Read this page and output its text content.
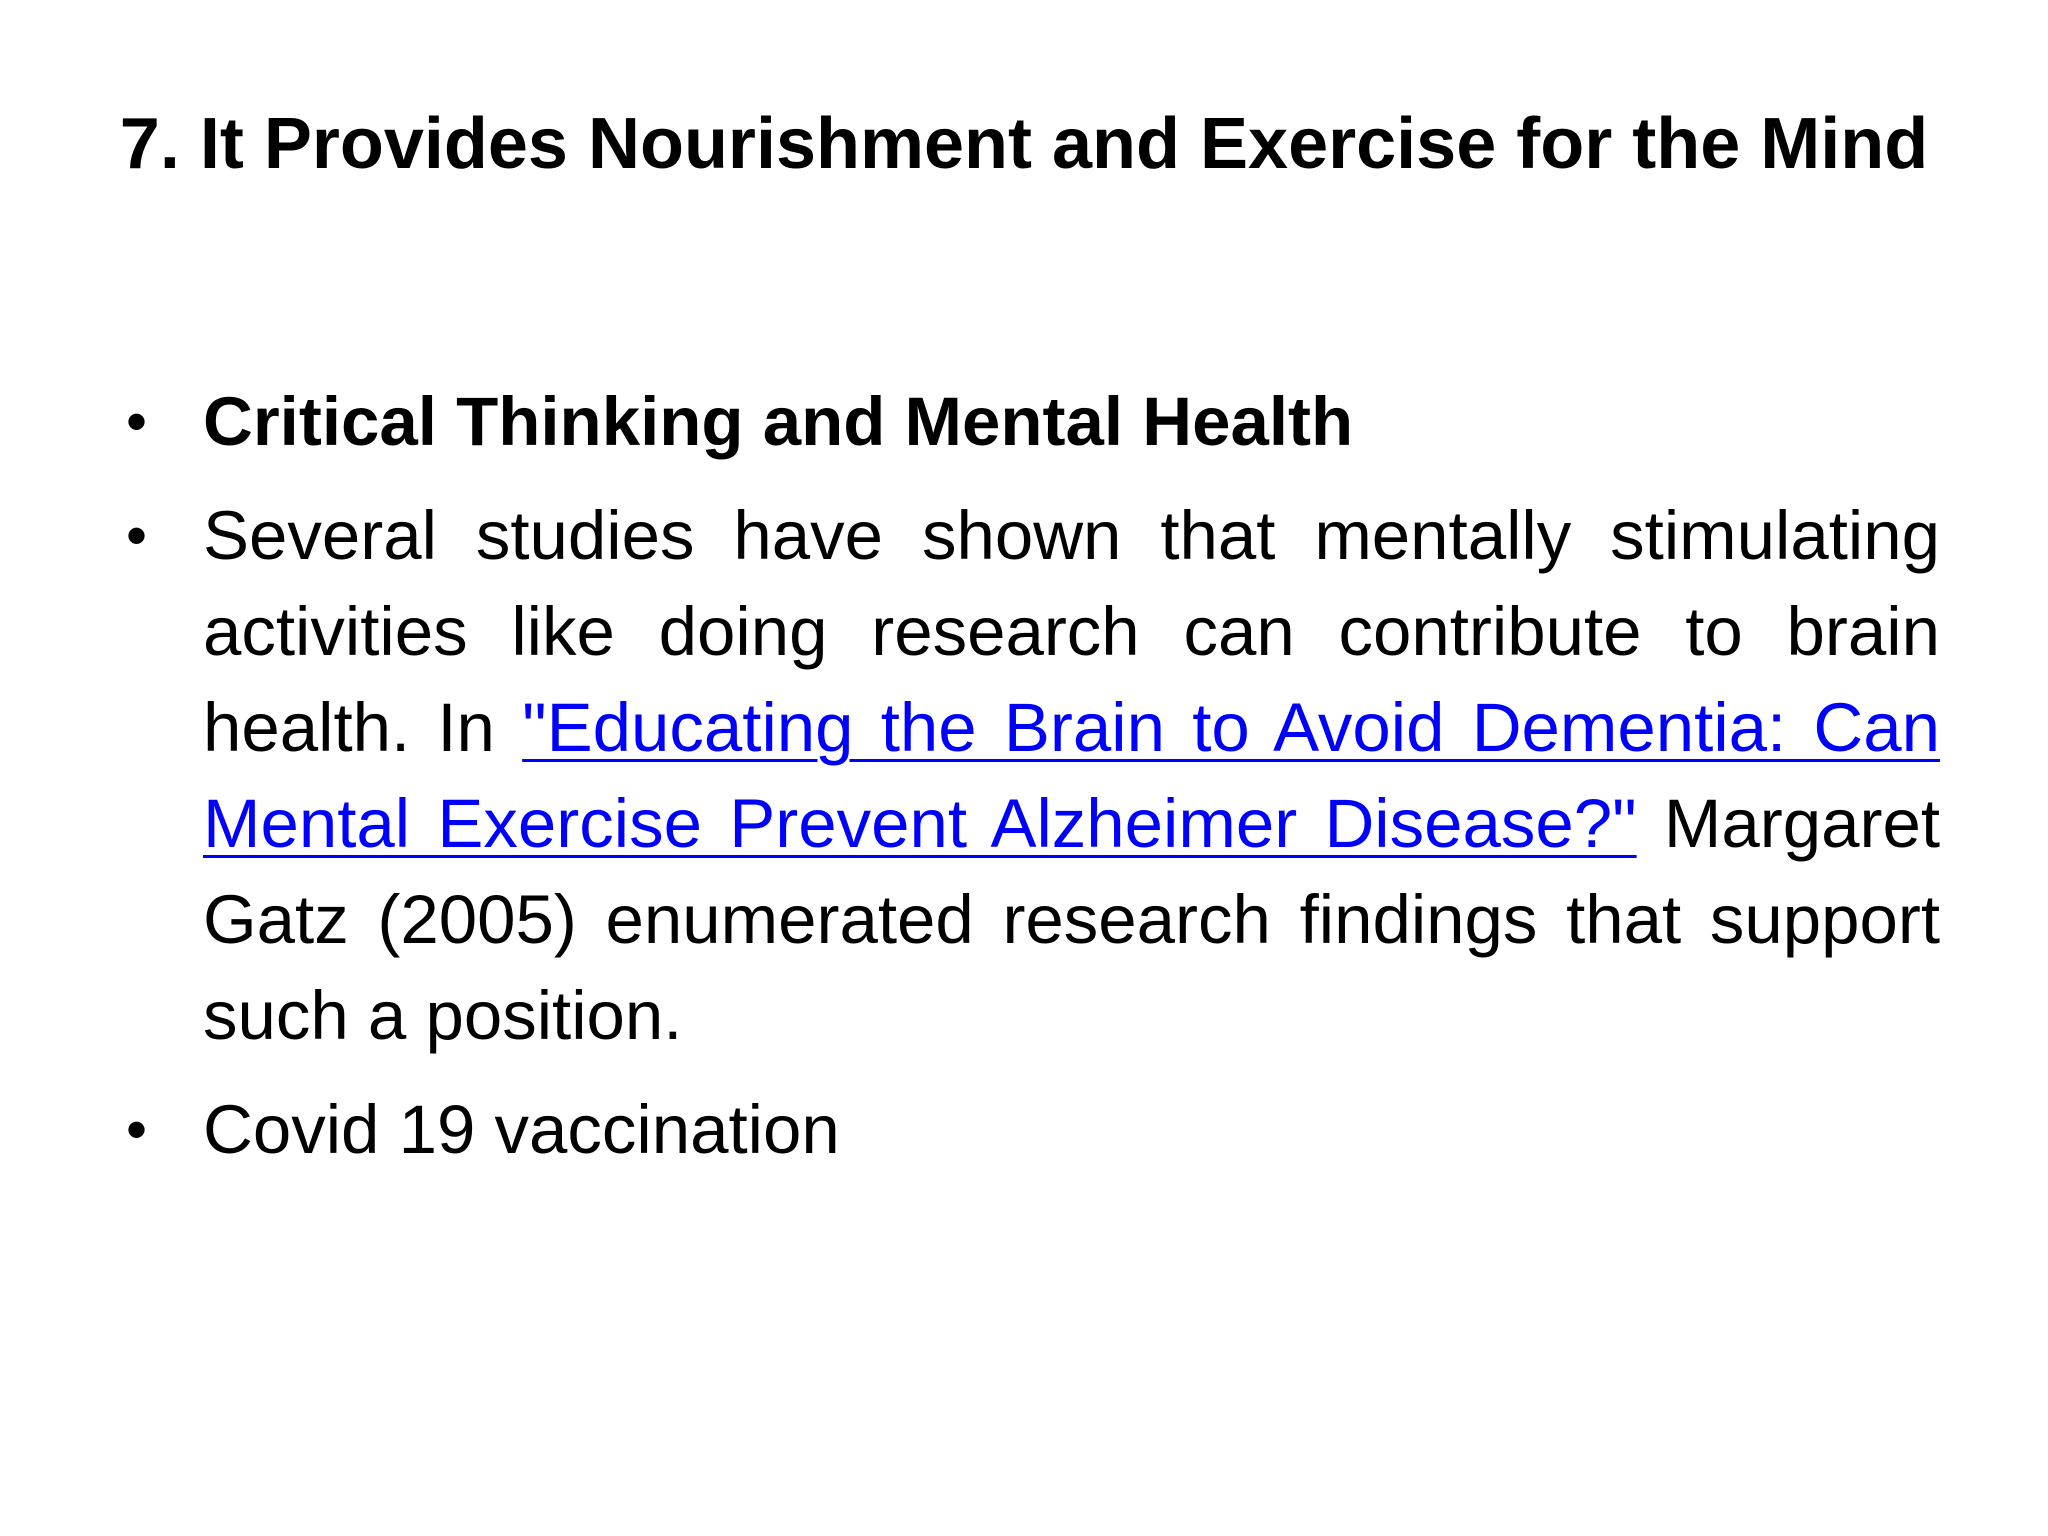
7. It Provides Nourishment and Exercise for the Mind
• Critical Thinking and Mental Health
• Several studies have shown that mentally stimulating activities like doing research can contribute to brain health. In "Educating the Brain to Avoid Dementia: Can Mental Exercise Prevent Alzheimer Disease?" Margaret Gatz (2005) enumerated research findings that support such a position.
• Covid 19 vaccination
